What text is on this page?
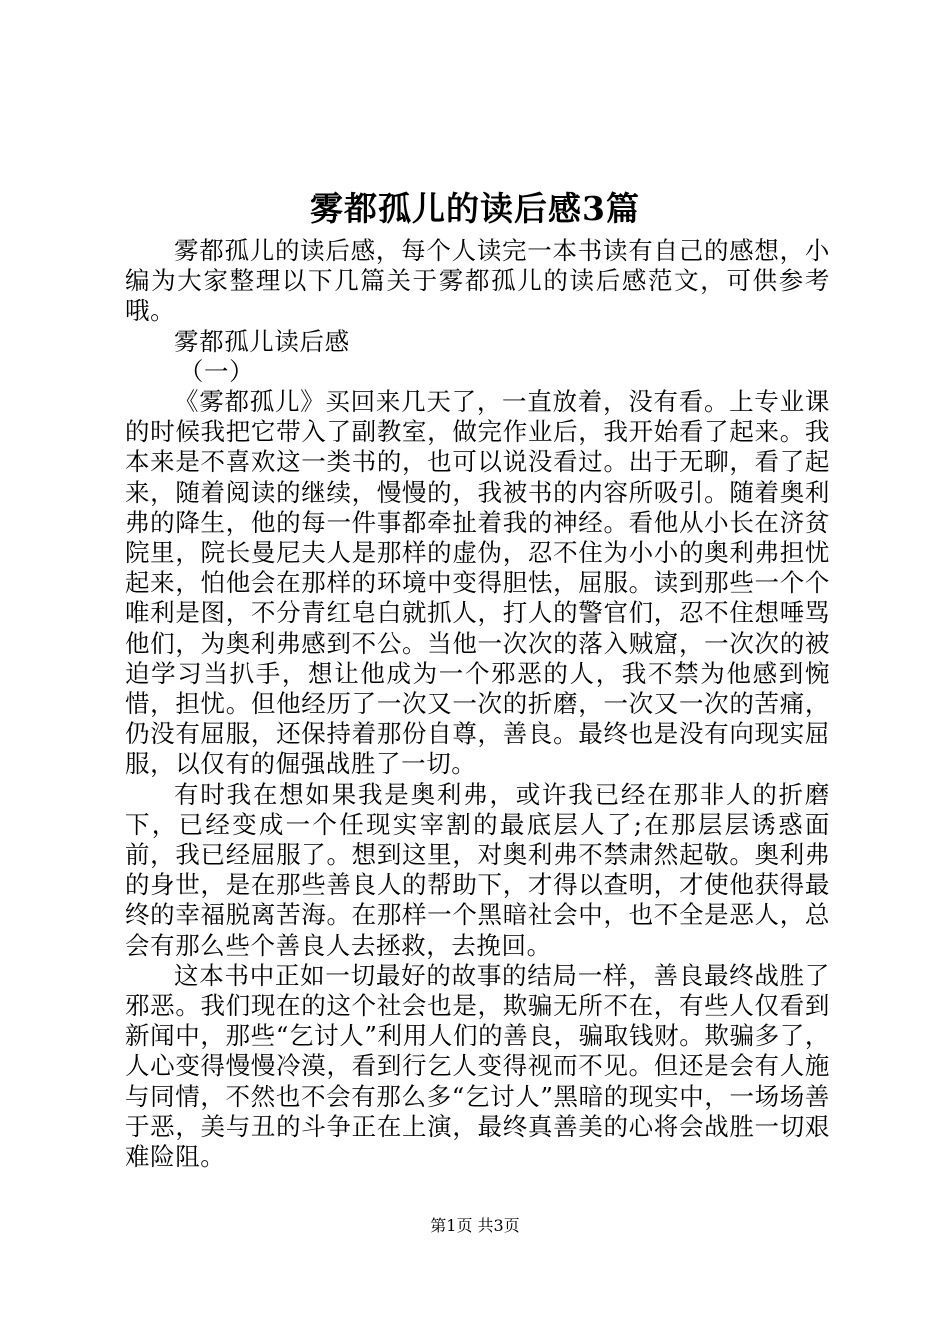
雾都孤儿的读后感3篇

雾都孤儿的读后感，每个人读完一本书读有自己的感想，小编为大家整理以下几篇关于雾都孤儿的读后感范文，可供参考哦。

雾都孤儿读后感

（一）

《雾都孤儿》买回来几天了，一直放着，没有看。上专业课的时候我把它带入了副教室，做完作业后，我开始看了起来。我本来是不喜欢这一类书的，也可以说没看过。出于无聊，看了起来，随着阅读的继续，慢慢的，我被书的内容所吸引。随着奥利弗的降生，他的每一件事都牵扯着我的神经。看他从小长在济贫院里，院长曼尼夫人是那样的虚伪，忍不住为小小的奥利弗担忧起来，怕他会在那样的环境中变得胆怯，屈服。读到那些一个个唯利是图，不分青红皂白就抓人，打人的警官们，忍不住想唾骂他们，为奥利弗感到不公。当他一次次的落入贼窟，一次次的被迫学习当扒手，想让他成为一个邪恶的人，我不禁为他感到惋惜，担忧。但他经历了一次又一次的折磨，一次又一次的苦痛，仍没有屈服，还保持着那份自尊，善良。最终也是没有向现实屈服，以仅有的倔强战胜了一切。

有时我在想如果我是奥利弗，或许我已经在那非人的折磨下，已经变成一个任现实宰割的最底层人了;在那层层诱惑面前，我已经屈服了。想到这里，对奥利弗不禁肃然起敬。奥利弗的身世，是在那些善良人的帮助下，才得以查明，才使他获得最终的幸福脱离苦海。在那样一个黑暗社会中，也不全是恶人，总会有那么些个善良人去拯救，去挽回。

这本书中正如一切最好的故事的结局一样，善良最终战胜了邪恶。我们现在的这个社会也是，欺骗无所不在，有些人仅看到新闻中，那些“乞讨人”利用人们的善良，骗取钱财。欺骗多了，人心变得慢慢冷漠，看到行乞人变得视而不见。但还是会有人施与同情，不然也不会有那么多“乞讨人”黑暗的现实中，一场场善于恶，美与丑的斗争正在上演，最终真善美的心将会战胜一切艰难险阻。

第1页 共3页
